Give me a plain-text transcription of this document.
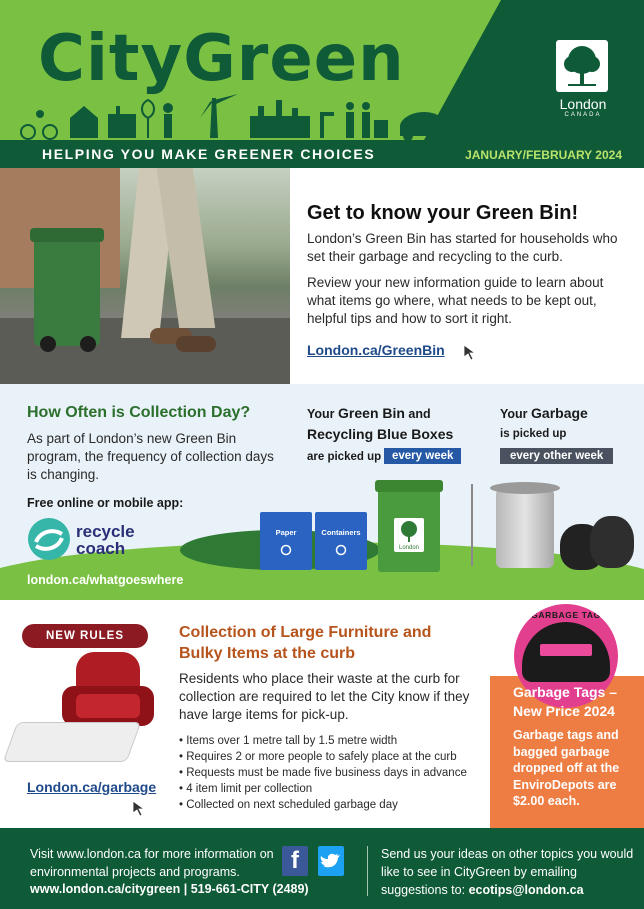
CityGreen
London
CANADA
HELPING YOU MAKE GREENER CHOICES	JANUARY/FEBRUARY 2024
Get to know your Green Bin!
London’s Green Bin has started for households who set their garbage and recycling to the curb.
Review your new information guide to learn about what items go where, what needs to be kept out, helpful tips and how to sort it right.
London.ca/GreenBin
How Often is Collection Day?
As part of London’s new Green Bin program, the frequency of collection days is changing.
Free online or mobile app:
recycle
coach
london.ca/whatgoeswhere
Your Green Bin and
Recycling Blue Boxes
are picked up every week
Your Garbage
is picked up
every other week
Paper	Containers
London
NEW RULES
London.ca/garbage
Collection of Large Furniture and Bulky Items at the curb
Residents who place their waste at the curb for collection are required to let the City know if they have large items for pick-up.
• Items over 1 metre tall by 1.5 metre width
• Requires 2 or more people to safely place at the curb
• Requests must be made five business days in advance
• 4 item limit per collection
• Collected on next scheduled garbage day
GARBAGE TAG
Garbage Tags – New Price 2024
Garbage tags and bagged garbage dropped off at the EnviroDepots are $2.00 each.
Visit www.london.ca for more information on environmental projects and programs.
www.london.ca/citygreen | 519-661-CITY (2489)
f	Send us your ideas on other topics you would like to see in CityGreen by emailing suggestions to: ecotips@london.ca
